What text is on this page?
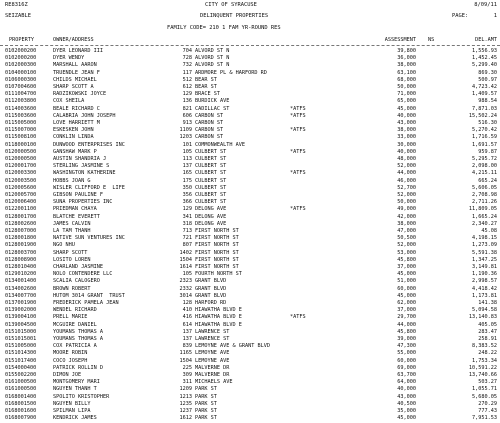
RE8316Z

	CITY OF SYRACUSE

	8/09/11

SEIZABLE

	DELINQUENT PROPERTIES

	PAGE:

	1

FAMILY CODE= 210 1 FAM YR-ROUND RES

PROPERTY

	OWNER/ADDRESS

	ASSESSMENT

NS

	DEL.AMT

0102000200	DYER LEONARD III	704 ALVORD ST N	39,800	1,556.93
0102000200	DYER WENDY	728 ALVORD ST N	36,000	1,452.45
0102000300	MARSHALL AARON	732 ALVORD ST N	38,000	5,299.40
0104000100	TRUENDLE JEAN F	117 ARDMORE PL & HARFORD RD	63,100	869.30
0106000300	CHILDS MICHAEL	512 BEAR ST	68,000	500.97
0107004600	SHARP SCOTT A	612 BEAR ST	50,000	4,723.42
0111004700	RADZIKOWSKI JOYCE	129 BRACE ST	71,000	1,409.57
0112003800	COX SHEILA	136 BURDICK AVE	65,000	988.54
0114003600	BEALE RICHARD C	821 CADILLAC ST	*ATFS	45,000	7,871.03
0115003600	CALABRIA JOHN JOSEPH	606 CARBON ST	*ATFS	40,000	15,502.24
0115005000	LOVE HARRIETT M	913 CARBON ST	43,000	516.30
0115007000	ESKESKEN JOHN	1109 CARBON ST	*ATFS	38,000	5,270.42
0115008100	CONKLIN LINDA	1203 CARBON ST	33,000	1,716.59
0118000100	DUNWOOD ENTERPRISES INC	101 COMMONWEALTH AVE	30,000	1,691.57
0120000500	GANSHAW MARK P	105 CULBERT ST	*ATFS	40,000	959.87
0120000500	AUSTIN SHANDRIA J	113 CULBERT ST	48,000	5,295.72
0120001700	STERLING JASMINE S	137 CULBERT ST	52,000	2,098.00
0120003300	WASHINGTON KATHERINE	165 CULBERT ST	*ATFS	44,000	4,215.11
0120003500	HOBBS JOAN G	175 CULBERT ST	46,000	665.24
0120005600	WISLER CLIFFORD E  LIFE	350 CULBERT ST	52,700	5,606.05
0120005700	GIBSON PAULINE F	356 CULBERT ST	52,000	2,708.98
0120006400	SUNA PROPERTIES INC	366 CULBERT ST	50,000	2,711.26
0122001100	PRIEDMAN CHAYA	129 DELONG AVE	*ATFS	49,000	11,809.05
0128001700	BLATCHE EVERETT	341 DELONG AVE	42,000	1,665.24
0128002600	JAMES CALVIN	318 DELONG AVE	38,000	2,340.27
0128007000	LA TAM THANH	713 FIRST NORTH ST	47,000	45.08
0128001800	NATIVE SUN VENTURES INC	721 FIRST NORTH ST	50,500	4,198.15
0128001900	NGO NHU	807 FIRST NORTH ST	52,000	1,273.09
0128003700	SHARP SCOTT	1402 FIRST NORTH ST	53,000	5,591.38
0128008900	LOSITO LOREN	1504 FIRST NORTH ST	45,800	1,347.25
0128010400	CHARLAND JASMINE	1614 FIRST NORTH ST	37,000	3,149.81
0129010200	NOLO CONTENDERE LLC	105 FOURTH NORTH ST	45,000	1,190.36
0134001400	SCALIA CALOGERO	2323 GRANT BLVD	51,000	2,998.57
0134002600	BROWN ROBERT	2332 GRANT BLVD	60,000	4,418.42
0134007700	HUTOM 3014 GRANT  TRUST	3014 GRANT BLVD	45,000	1,173.81
0137001900	FREDERICK PAMELA JEAN	128 HARFORD RD	62,000	141.38
0139002000	WENDEL RICHARD	410 HIAWATHA BLVD E	37,000	5,094.58
0139004100	PRELL MARIE	416 HIAWATHA BLVD E	*ATFS	29,700	13,140.83
0139004500	MCGUIRE DANIEL	614 HIAWATHA BLVD E	44,000	405.05
0151015000	YOUMANS THOMAS A	137 LAWRENCE ST	45,800	283.47
0151015001	YOUMANS THOMAS A	137 LAWRENCE ST	39,000	258.91
0151005000	COX PATRICIA A	839 LEMOYNE AVE & GRANT BLVD	47,300	8,383.52
0151014300	MOORE ROBIN	1165 LEMOYNE AVE	55,000	248.22
0151017400	COCO JOSEPH	1504 LEMOYNE AVE	60,000	1,753.34
0154000400	PATRICK ROLLIN D	225 MALVERNE DR	69,000	10,591.22
0155002200	DIMON JOE	309 MALVERNE DR	63,700	13,740.66
0161000500	MONTGOMERY MARI	311 MICHAELS AVE	64,000	503.27
0161000500	NGUYEN THANH T	1209 PARK ST	40,000	1,055.71
0168001400	SPOLITO KRISTOPHER	1213 PARK ST	43,000	5,680.05
0168001500	NGUYEN BILLY	1235 PARK ST	40,500	270.29
0168001600	SPILMAN LIPA	1237 PARK ST	35,000	777.43
0168007900	KENDRICK JAMES	1612 PARK ST	45,000	7,951.53
